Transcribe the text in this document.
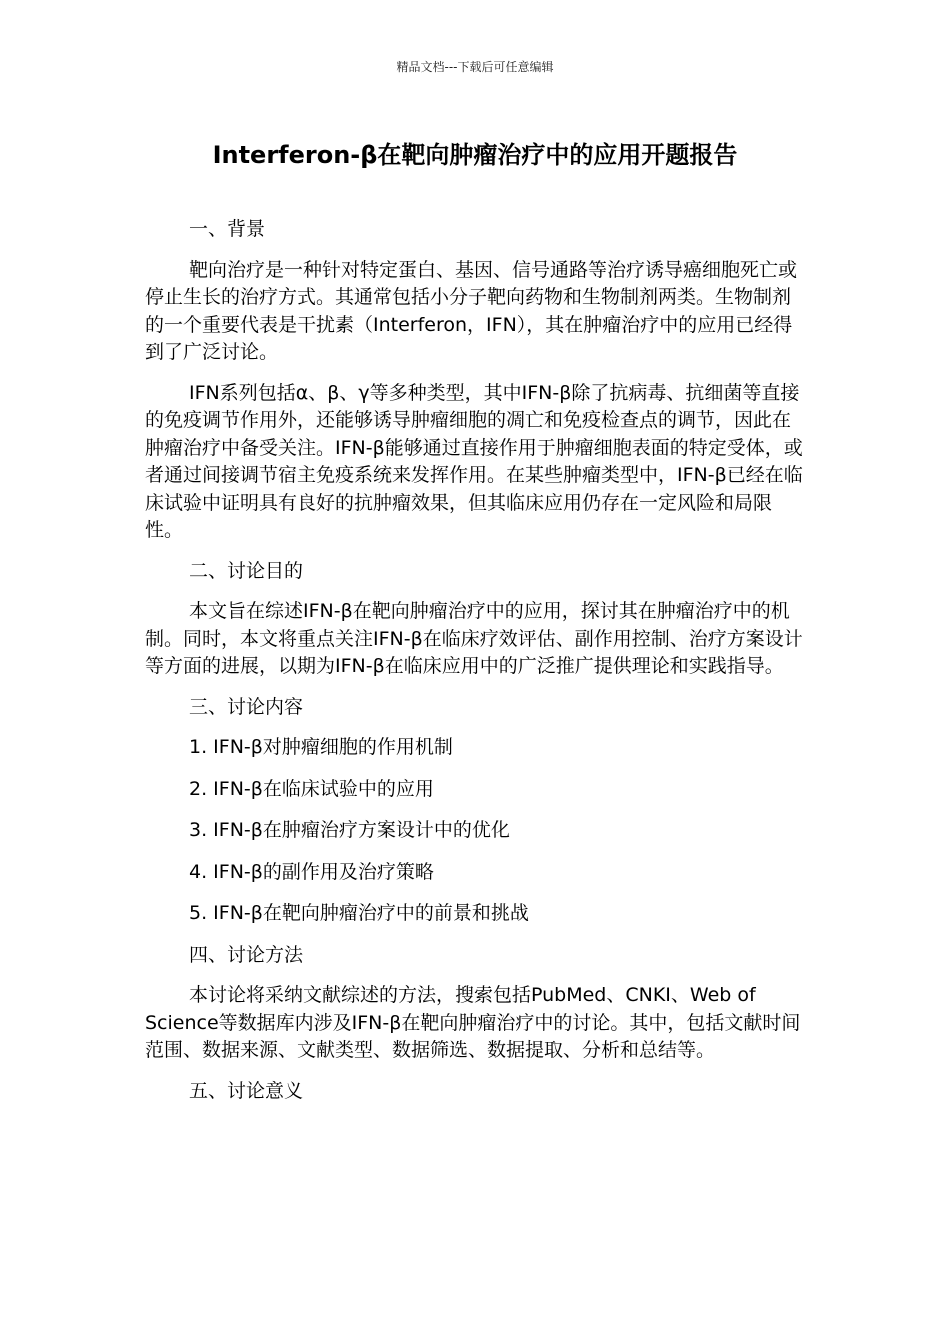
精品文档---下载后可任意编辑
Interferon-β在靶向肿瘤治疗中的应用开题报告

一、背景

靶向治疗是一种针对特定蛋白、基因、信号通路等治疗诱导癌细胞死亡或停止生长的治疗方式。其通常包括小分子靶向药物和生物制剂两类。生物制剂的一个重要代表是干扰素（Interferon，IFN），其在肿瘤治疗中的应用已经得到了广泛讨论。

IFN系列包括α、β、γ等多种类型，其中IFN-β除了抗病毒、抗细菌等直接的免疫调节作用外，还能够诱导肿瘤细胞的凋亡和免疫检查点的调节，因此在肿瘤治疗中备受关注。IFN-β能够通过直接作用于肿瘤细胞表面的特定受体，或者通过间接调节宿主免疫系统来发挥作用。在某些肿瘤类型中，IFN-β已经在临床试验中证明具有良好的抗肿瘤效果，但其临床应用仍存在一定风险和局限性。

二、讨论目的

本文旨在综述IFN-β在靶向肿瘤治疗中的应用，探讨其在肿瘤治疗中的机制。同时，本文将重点关注IFN-β在临床疗效评估、副作用控制、治疗方案设计等方面的进展，以期为IFN-β在临床应用中的广泛推广提供理论和实践指导。

三、讨论内容

1. IFN-β对肿瘤细胞的作用机制

2. IFN-β在临床试验中的应用

3. IFN-β在肿瘤治疗方案设计中的优化

4. IFN-β的副作用及治疗策略

5. IFN-β在靶向肿瘤治疗中的前景和挑战

四、讨论方法

本讨论将采纳文献综述的方法，搜索包括PubMed、CNKI、Web of Science等数据库内涉及IFN-β在靶向肿瘤治疗中的讨论。其中，包括文献时间范围、数据来源、文献类型、数据筛选、数据提取、分析和总结等。

五、讨论意义
